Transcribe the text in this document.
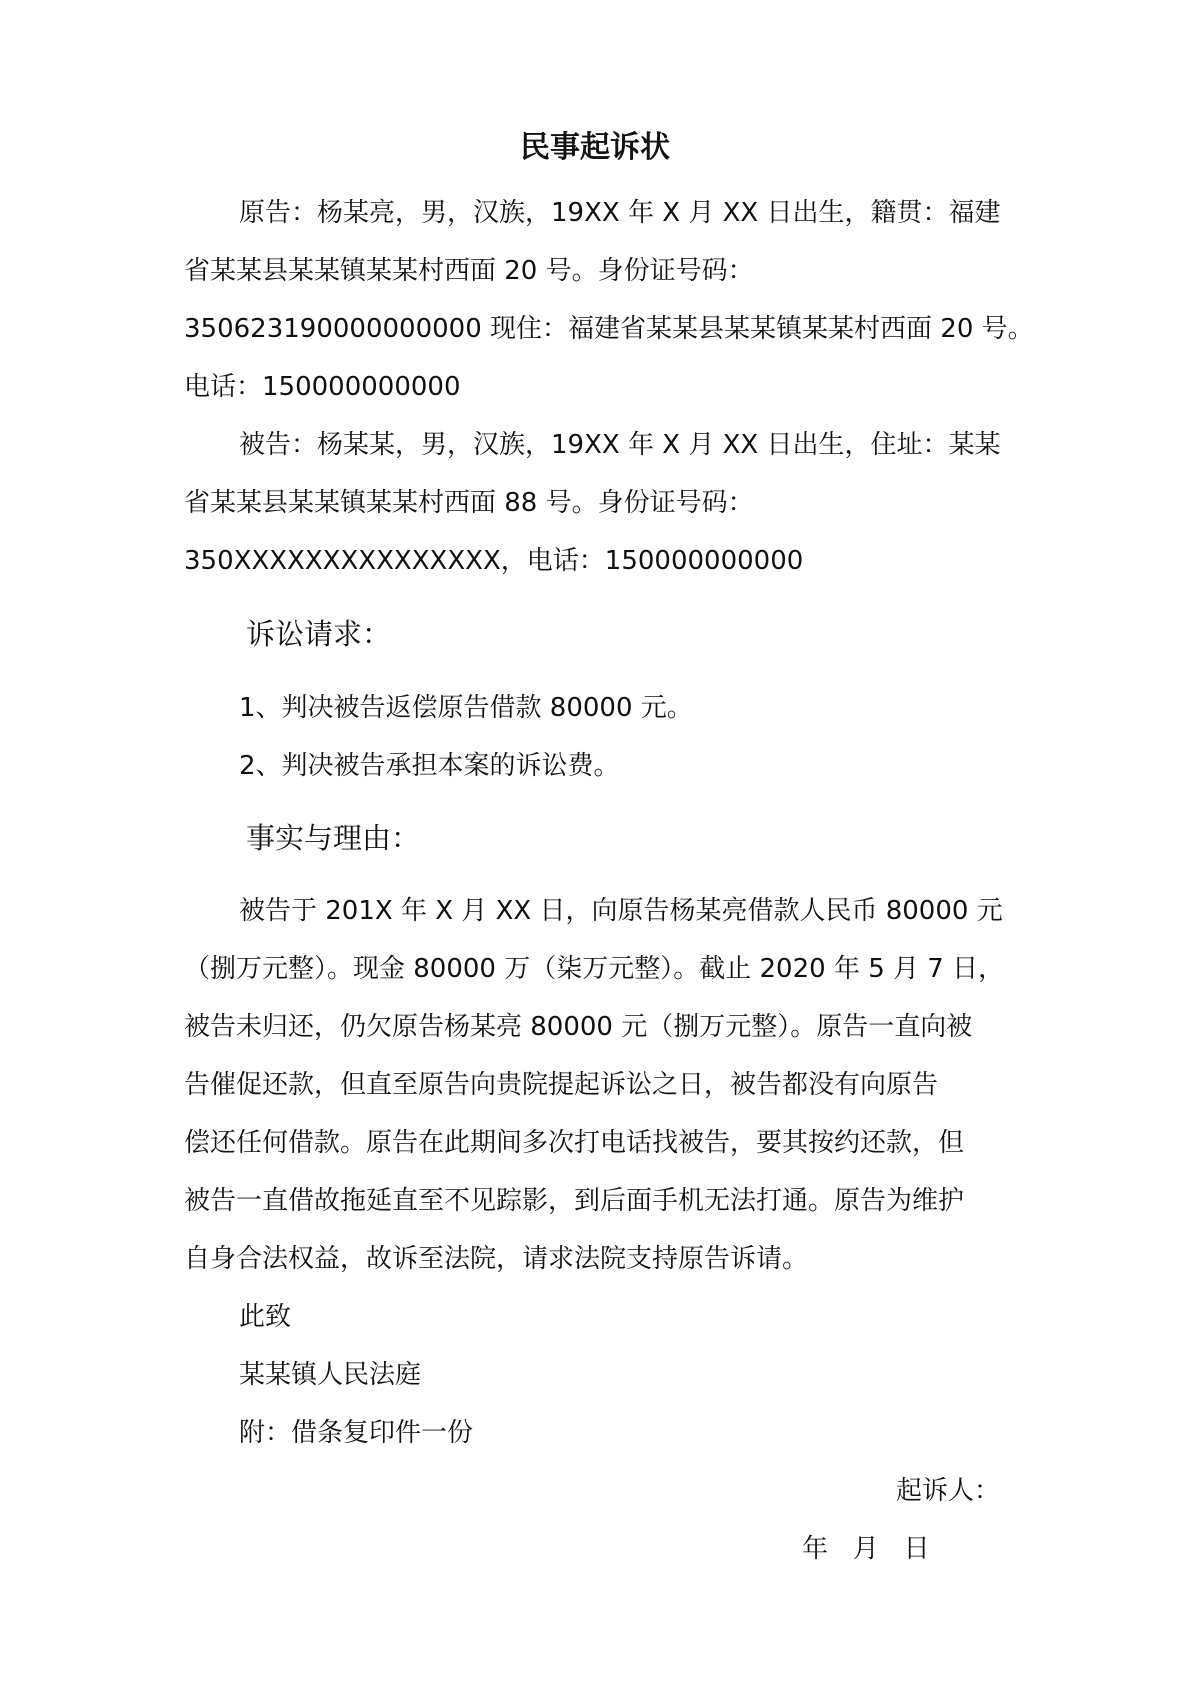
民事起诉状
原告：杨某亮，男，汉族，19XX 年 X 月 XX 日出生，籍贯：福建
省某某县某某镇某某村西面 20 号。身份证号码：
350623190000000000 现住：福建省某某县某某镇某某村西面 20 号。
电话：150000000000
被告：杨某某，男，汉族，19XX 年 X 月 XX 日出生，住址：某某
省某某县某某镇某某村西面 88 号。身份证号码：
350XXXXXXXXXXXXXXX，电话：150000000000
诉讼请求：
1、判决被告返偿原告借款 80000 元。
2、判决被告承担本案的诉讼费。
事实与理由：
被告于 201X 年 X 月 XX 日，向原告杨某亮借款人民币 80000 元
（捌万元整）。现金 80000 万（柒万元整）。截止 2020 年 5 月 7 日，
被告未归还，仍欠原告杨某亮 80000 元（捌万元整）。原告一直向被
告催促还款，但直至原告向贵院提起诉讼之日，被告都没有向原告
偿还任何借款。原告在此期间多次打电话找被告，要其按约还款，但
被告一直借故拖延直至不见踪影，到后面手机无法打通。原告为维护
自身合法权益，故诉至法院，请求法院支持原告诉请。
此致
某某镇人民法庭
附：借条复印件一份
起诉人：
年   月   日
